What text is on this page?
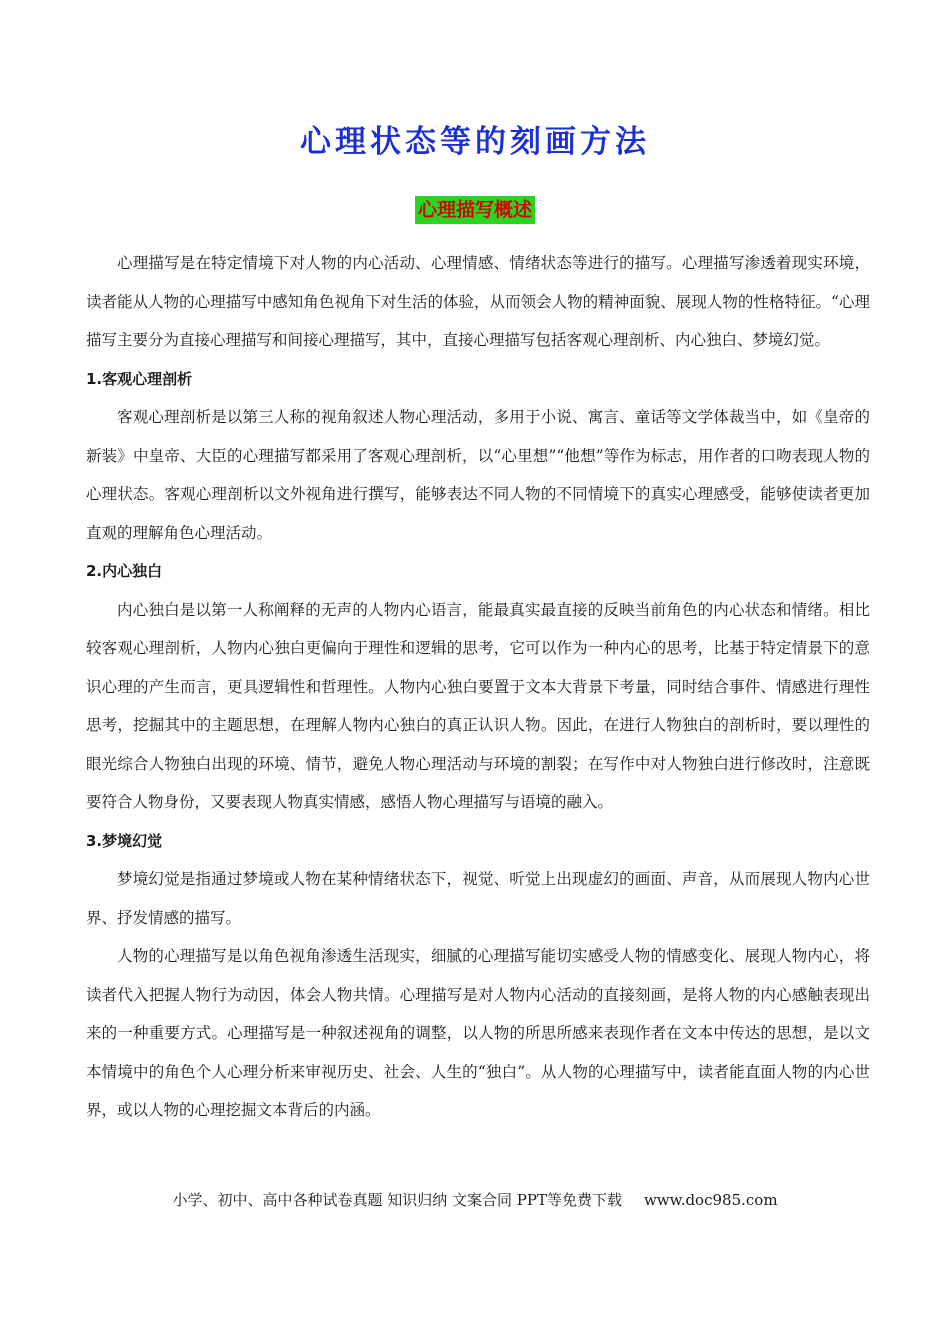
心理状态等的刻画方法
心理描写概述

心理描写是在特定情境下对人物的内心活动、心理情感、情绪状态等进行的描写。心理描写渗透着现实环境，读者能从人物的心理描写中感知角色视角下对生活的体验，从而领会人物的精神面貌、展现人物的性格特征。“心理描写主要分为直接心理描写和间接心理描写，其中，直接心理描写包括客观心理剖析、内心独白、梦境幻觉。

1.客观心理剖析

客观心理剖析是以第三人称的视角叙述人物心理活动，多用于小说、寓言、童话等文学体裁当中，如《皇帝的新装》中皇帝、大臣的心理描写都采用了客观心理剖析，以“心里想”“他想”等作为标志，用作者的口吻表现人物的心理状态。客观心理剖析以文外视角进行撰写，能够表达不同人物的不同情境下的真实心理感受，能够使读者更加直观的理解角色心理活动。

2.内心独白

内心独白是以第一人称阐释的无声的人物内心语言，能最真实最直接的反映当前角色的内心状态和情绪。相比较客观心理剖析，人物内心独白更偏向于理性和逻辑的思考，它可以作为一种内心的思考，比基于特定情景下的意识心理的产生而言，更具逻辑性和哲理性。人物内心独白要置于文本大背景下考量，同时结合事件、情感进行理性思考，挖掘其中的主题思想，在理解人物内心独白的真正认识人物。因此，在进行人物独白的剖析时，要以理性的眼光综合人物独白出现的环境、情节，避免人物心理活动与环境的割裂；在写作中对人物独白进行修改时，注意既要符合人物身份，又要表现人物真实情感，感悟人物心理描写与语境的融入。

3.梦境幻觉

梦境幻觉是指通过梦境或人物在某种情绪状态下，视觉、听觉上出现虚幻的画面、声音，从而展现人物内心世界、抒发情感的描写。

人物的心理描写是以角色视角渗透生活现实，细腻的心理描写能切实感受人物的情感变化、展现人物内心，将读者代入把握人物行为动因，体会人物共情。心理描写是对人物内心活动的直接刻画，是将人物的内心感触表现出来的一种重要方式。心理描写是一种叙述视角的调整，以人物的所思所感来表现作者在文本中传达的思想，是以文本情境中的角色个人心理分析来审视历史、社会、人生的“独白”。从人物的心理描写中，读者能直面人物的内心世界，或以人物的心理挖掘文本背后的内涵。

小学、初中、高中各种试卷真题 知识归纳 文案合同 PPT等免费下载 www.doc985.com
